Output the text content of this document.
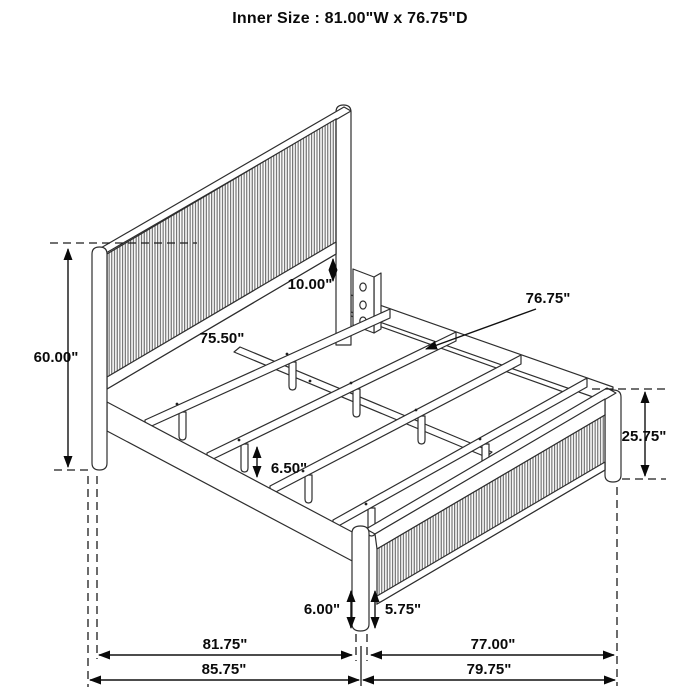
60.00"
10.00"
75.50"
76.75"
25.75"
6.50"
6.00"	5.75"
81.75"	77.00"
85.75"	79.75"
Inner Size : 81.00"W x 76.75"D
